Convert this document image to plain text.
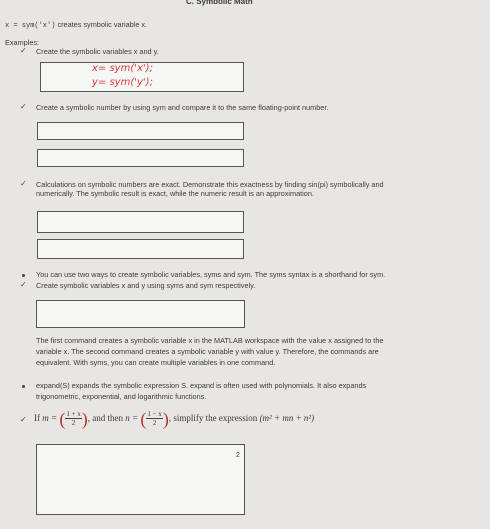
C. Symbolic Math
x = sym('x') creates symbolic variable x.
Examples:
✓ Create the symbolic variables x and y.
x= sym('x');
y= sym('y');
✓ Create a symbolic number by using sym and compare it to the same floating-point number.
✓ Calculations on symbolic numbers are exact. Demonstrate this exactness by finding sin(pi) symbolically and
numerically. The symbolic result is exact, while the numeric result is an approximation.
You can use two ways to create symbolic variables, syms and sym. The syms syntax is a shorthand for sym.
✓ Create symbolic variables x and y using syms and sym respectively.
The first command creates a symbolic variable x in the MATLAB workspace with the value x assigned to the
variable x. The second command creates a symbolic variable y with value y. Therefore, the commands are
equivalent. With syms, you can create multiple variables in one command.
expand(S) expands the symbolic expression S. expand is often used with polynomials. It also expands
trigonometric, exponential, and logarithmic functions.
✓ If m = ( $\frac{1 + x}{2}$ ), and then n = ( $\frac{1 - x}{2}$ ), simplify the expression (m² + mn + n²)
2
